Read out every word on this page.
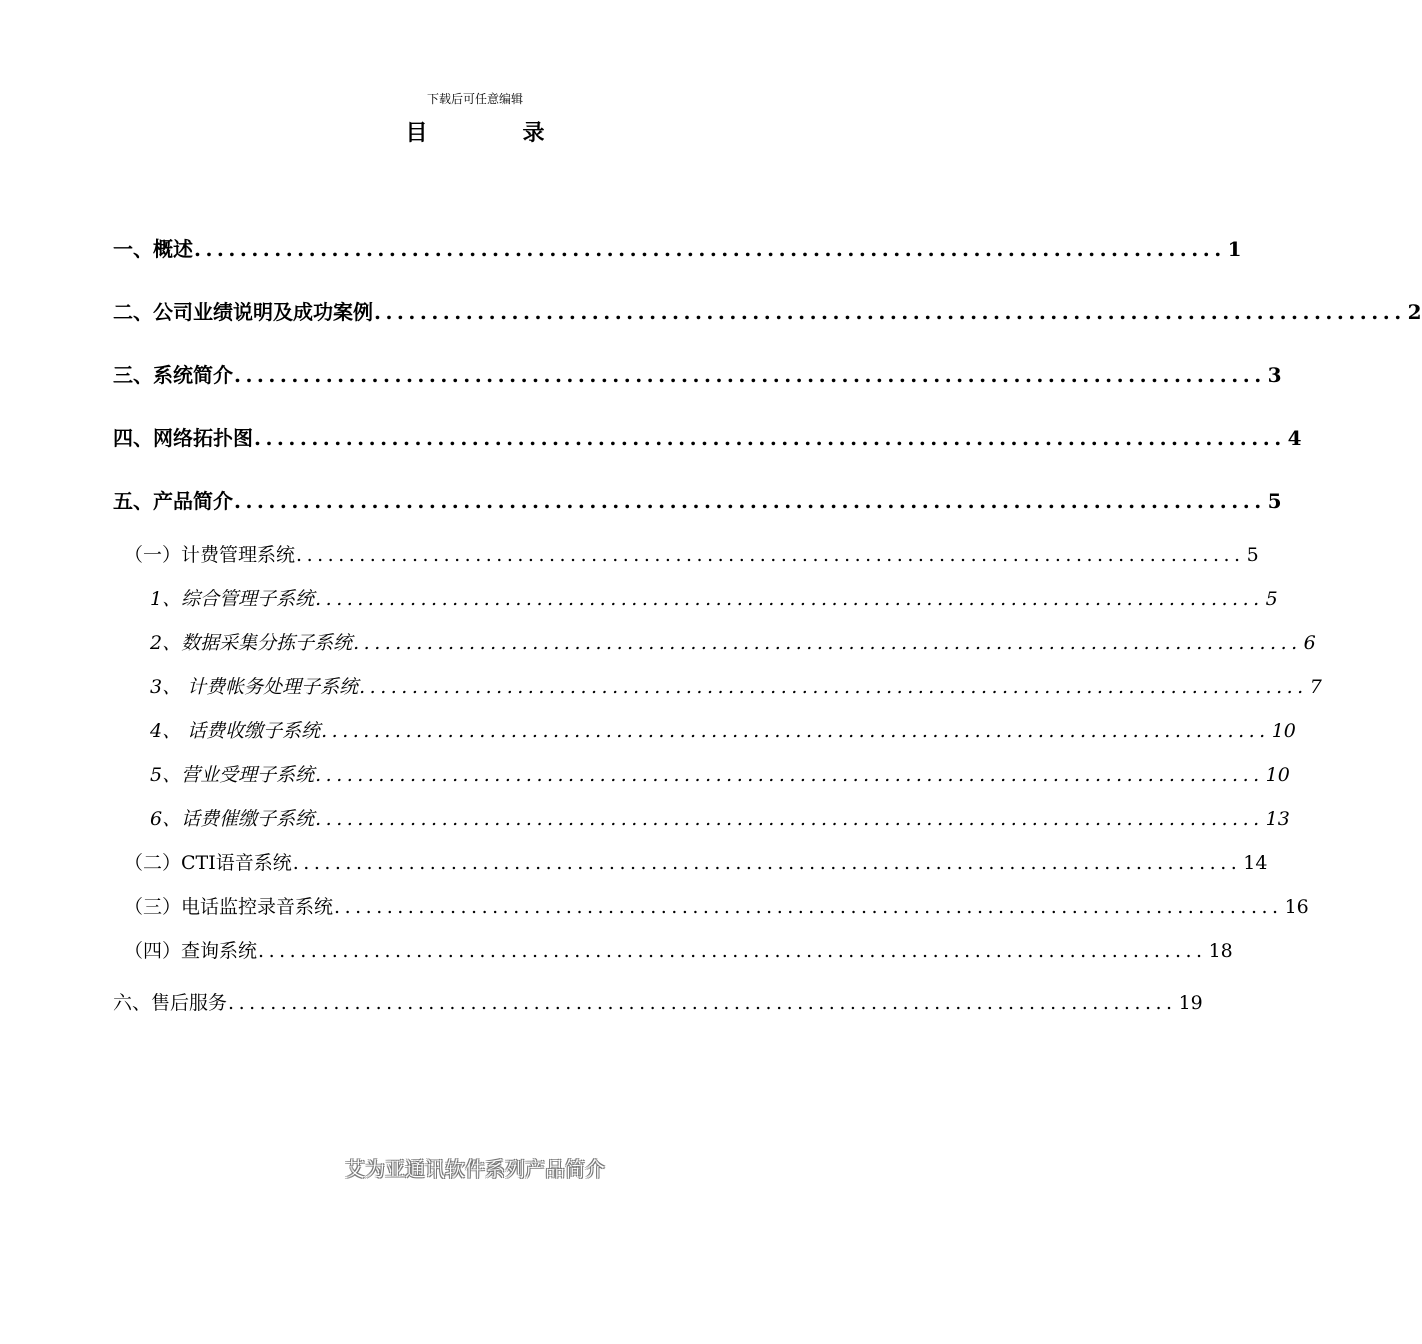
下载后可任意编辑
目	录
一、 概述 .......................................................................................... 1
二、 公司业绩说明及成功案例 .......................................................................................... 2
三、 系统简介 .......................................................................................... 3
四、 网络拓扑图 .......................................................................................... 4
五、 产品简介 .......................................................................................... 5
（一） 计费管理系统 .......................................................................................... 5
1、 综合管理子系统 .......................................................................................... 5
2、 数据采集分拣子系统 .......................................................................................... 6
3、 计费帐务处理子系统 .......................................................................................... 7
4、 话费收缴子系统 .......................................................................................... 10
5、 营业受理子系统 .......................................................................................... 10
6、 话费催缴子系统 .......................................................................................... 13
（二） CTI语音系统 .......................................................................................... 14
（三） 电话监控录音系统 .......................................................................................... 16
（四） 查询系统 .......................................................................................... 18
六、 售后服务 .......................................................................................... 19
艾为亚通讯软件系列产品简介
